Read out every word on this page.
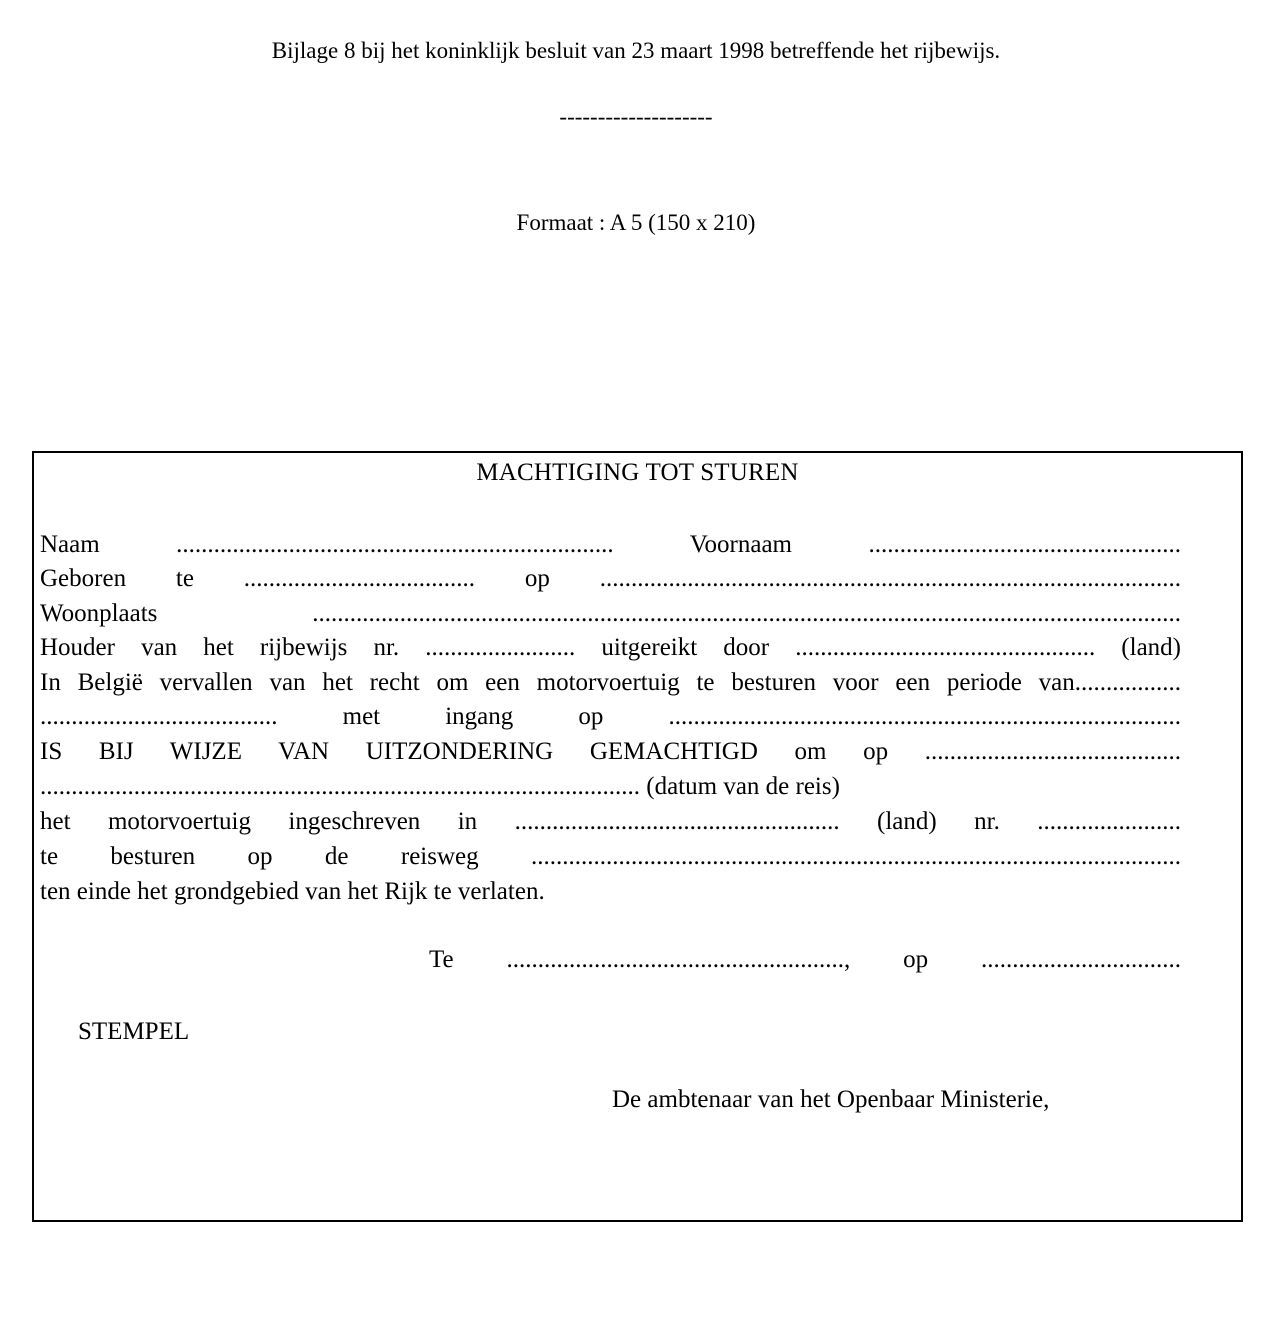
Bijlage 8 bij het koninklijk besluit van 23 maart 1998 betreffende het rijbewijs.
--------------------
Formaat : A 5 (150 x 210)
MACHTIGING TOT STUREN
Naam ...................................................................... Voornaam ..................................................
Geboren te ..................................... op .............................................................................................
Woonplaats ...........................................................................................................................................
Houder van het rijbewijs nr. ........................ uitgereikt door ................................................ (land)
In België vervallen van het recht om een motorvoertuig te besturen voor een periode van.................
...................................... met ingang op ..................................................................................
IS BIJ WIJZE VAN UITZONDERING GEMACHTIGD om op .........................................
................................................................................................ (datum van de reis)
het motorvoertuig ingeschreven in .................................................... (land) nr. .......................
te besturen op de reisweg ........................................................................................................
ten einde het grondgebied van het Rijk te verlaten.
Te ......................................................, op ................................
STEMPEL
De ambtenaar van het Openbaar Ministerie,
